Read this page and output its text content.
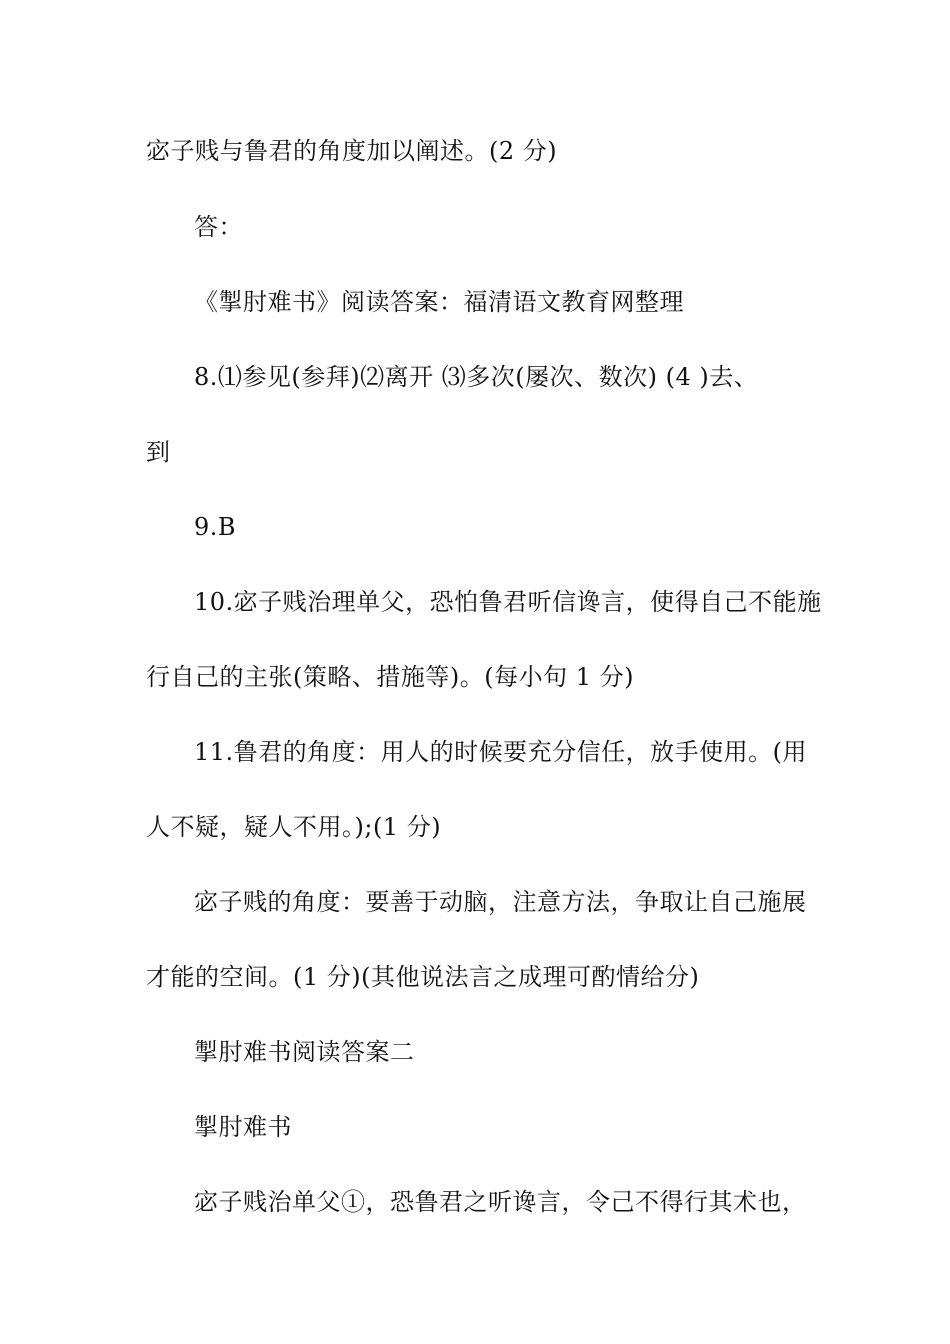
宓子贱与鲁君的角度加以阐述。(2 分)
答：
《掣肘难书》阅读答案：福清语文教育网整理
8.⑴参见(参拜)⑵离开 ⑶多次(屡次、数次) (4 )去、
到
9.B
10.宓子贱治理单父，恐怕鲁君听信谗言，使得自己不能施
行自己的主张(策略、措施等)。(每小句 1 分)
11.鲁君的角度：用人的时候要充分信任，放手使用。(用
人不疑，疑人不用。);(1 分)
宓子贱的角度：要善于动脑，注意方法，争取让自己施展
才能的空间。(1 分)(其他说法言之成理可酌情给分)
掣肘难书阅读答案二
掣肘难书
宓子贱治单父①，恐鲁君之听谗言，令己不得行其术也，
